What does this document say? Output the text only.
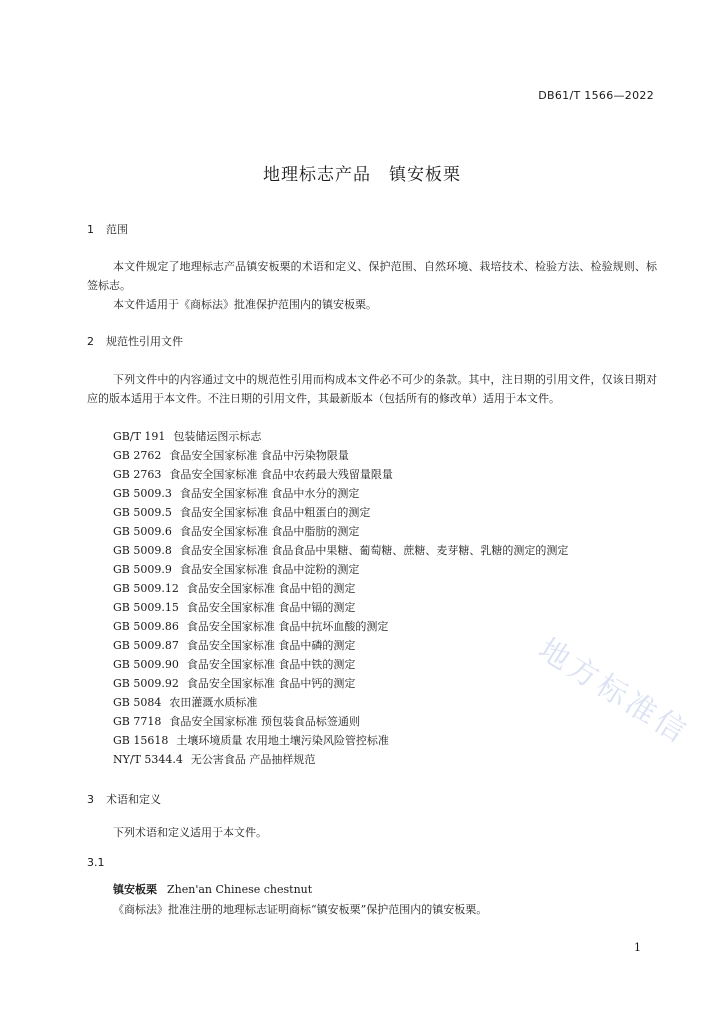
DB61/T 1566—2022
地理标志产品　镇安板栗
1 范围
本文件规定了地理标志产品镇安板栗的术语和定义、保护范围、自然环境、栽培技术、检验方法、检验规则、标签标志。
本文件适用于《商标法》批准保护范围内的镇安板栗。
2 规范性引用文件
下列文件中的内容通过文中的规范性引用而构成本文件必不可少的条款。其中，注日期的引用文件，仅该日期对应的版本适用于本文件。不注日期的引用文件，其最新版本（包括所有的修改单）适用于本文件。
GB/T 191 包装储运图示标志
GB 2762 食品安全国家标准 食品中污染物限量
GB 2763 食品安全国家标准 食品中农药最大残留量限量
GB 5009.3 食品安全国家标准 食品中水分的测定
GB 5009.5 食品安全国家标准 食品中粗蛋白的测定
GB 5009.6 食品安全国家标准 食品中脂肪的测定
GB 5009.8 食品安全国家标准 食品食品中果糖、葡萄糖、蔗糖、麦芽糖、乳糖的测定的测定
GB 5009.9 食品安全国家标准 食品中淀粉的测定
GB 5009.12 食品安全国家标准 食品中铅的测定
GB 5009.15 食品安全国家标准 食品中镉的测定
GB 5009.86 食品安全国家标准 食品中抗坏血酸的测定
GB 5009.87 食品安全国家标准 食品中磷的测定
GB 5009.90 食品安全国家标准 食品中铁的测定
GB 5009.92 食品安全国家标准 食品中钙的测定
GB 5084 农田灌溉水质标准
GB 7718 食品安全国家标准 预包装食品标签通则
GB 15618 土壤环境质量 农用地土壤污染风险管控标准
NY/T 5344.4 无公害食品 产品抽样规范
3 术语和定义
下列术语和定义适用于本文件。
3.1
镇安板栗 Zhen'an Chinese chestnut
《商标法》批准注册的地理标志证明商标“镇安板栗”保护范围内的镇安板栗。
1
地方标准信
